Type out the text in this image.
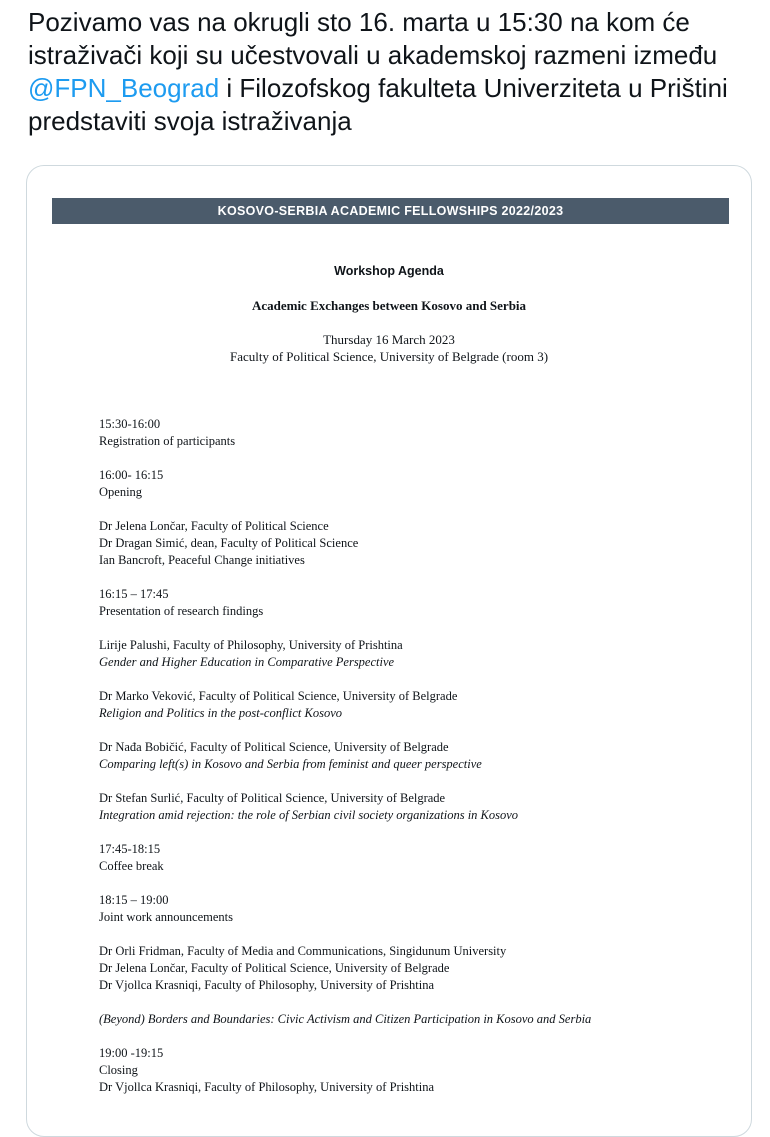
Pozivamo vas na okrugli sto 16. marta u 15:30 na kom će istraživači koji su učestvovali u akademskoj razmeni između @FPN_Beograd i Filozofskog fakulteta Univerziteta u Prištini predstaviti svoja istraživanja
KOSOVO-SERBIA ACADEMIC FELLOWSHIPS 2022/2023
Workshop Agenda
Academic Exchanges between Kosovo and Serbia
Thursday 16 March 2023
Faculty of Political Science, University of Belgrade (room 3)
15:30-16:00
Registration of participants
16:00- 16:15
Opening
Dr Jelena Lončar, Faculty of Political Science
Dr Dragan Simić, dean, Faculty of Political Science
Ian Bancroft, Peaceful Change initiatives
16:15 – 17:45
Presentation of research findings
Lirije Palushi, Faculty of Philosophy, University of Prishtina
Gender and Higher Education in Comparative Perspective
Dr Marko Veković, Faculty of Political Science, University of Belgrade
Religion and Politics in the post-conflict Kosovo
Dr Nađa Bobičić, Faculty of Political Science, University of Belgrade
Comparing left(s) in Kosovo and Serbia from feminist and queer perspective
Dr Stefan Surlić, Faculty of Political Science, University of Belgrade
Integration amid rejection: the role of Serbian civil society organizations in Kosovo
17:45-18:15
Coffee break
18:15 – 19:00
Joint work announcements
Dr Orli Fridman, Faculty of Media and Communications, Singidunum University
Dr Jelena Lončar, Faculty of Political Science, University of Belgrade
Dr Vjollca Krasniqi, Faculty of Philosophy, University of Prishtina
(Beyond) Borders and Boundaries: Civic Activism and Citizen Participation in Kosovo and Serbia
19:00 -19:15
Closing
Dr Vjollca Krasniqi, Faculty of Philosophy, University of Prishtina
